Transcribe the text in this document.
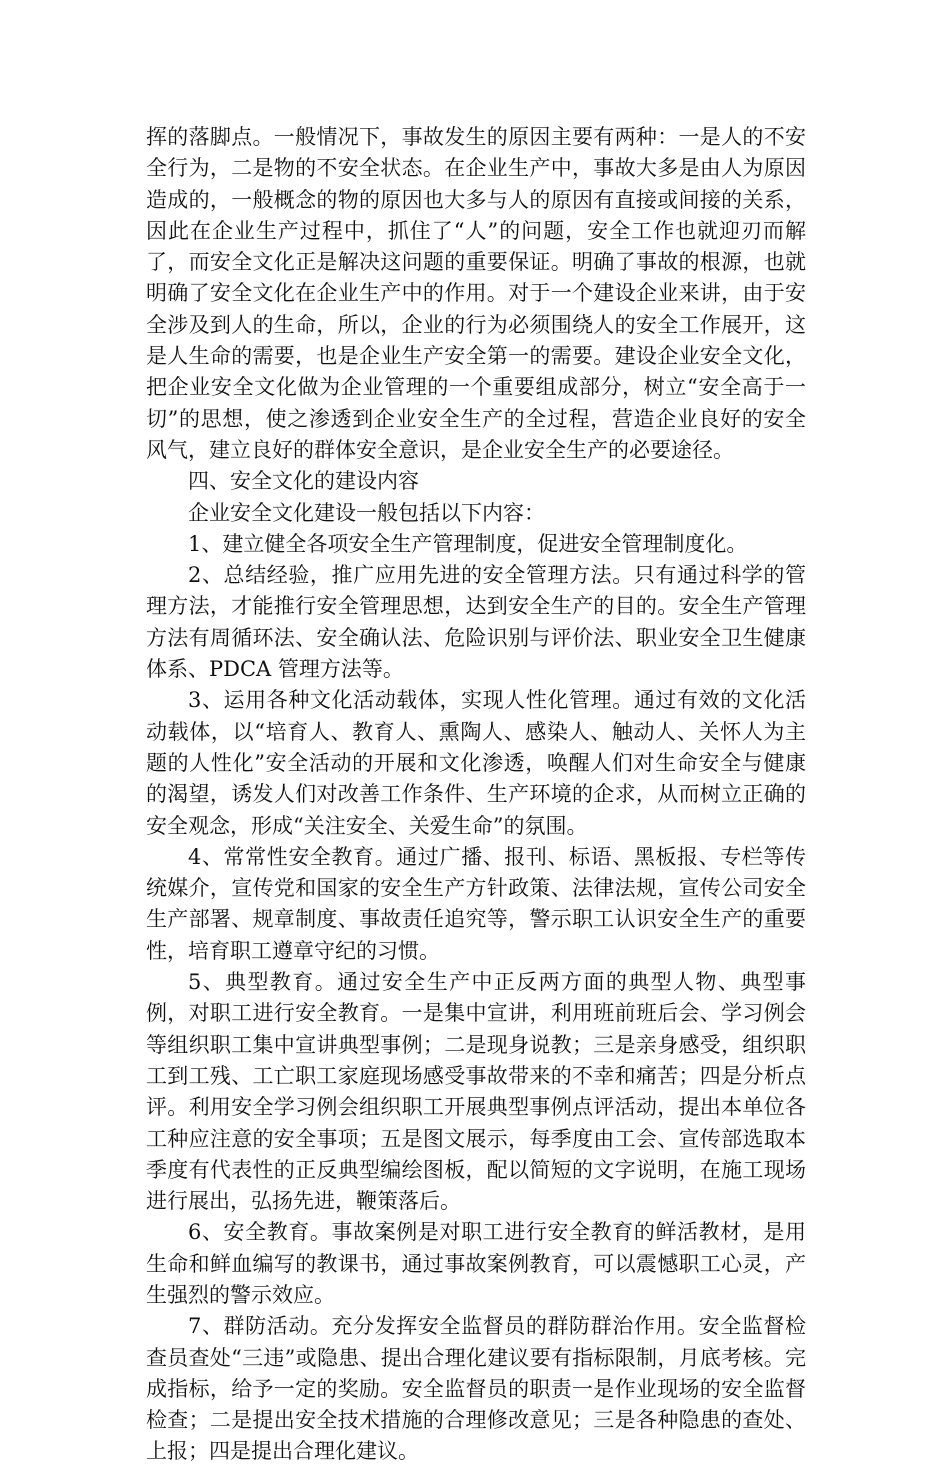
挥的落脚点。一般情况下，事故发生的原因主要有两种：一是人的不安全行为，二是物的不安全状态。在企业生产中，事故大多是由人为原因造成的，一般概念的物的原因也大多与人的原因有直接或间接的关系，因此在企业生产过程中，抓住了“人”的问题，安全工作也就迎刃而解了，而安全文化正是解决这问题的重要保证。明确了事故的根源，也就明确了安全文化在企业生产中的作用。对于一个建设企业来讲，由于安全涉及到人的生命，所以，企业的行为必须围绕人的安全工作展开，这是人生命的需要，也是企业生产安全第一的需要。建设企业安全文化，把企业安全文化做为企业管理的一个重要组成部分，树立“安全高于一切”的思想，使之渗透到企业安全生产的全过程，营造企业良好的安全风气，建立良好的群体安全意识，是企业安全生产的必要途径。

四、安全文化的建设内容

企业安全文化建设一般包括以下内容：

1、建立健全各项安全生产管理制度，促进安全管理制度化。

2、总结经验，推广应用先进的安全管理方法。只有通过科学的管理方法，才能推行安全管理思想，达到安全生产的目的。安全生产管理方法有周循环法、安全确认法、危险识别与评价法、职业安全卫生健康体系、PDCA 管理方法等。

3、运用各种文化活动载体，实现人性化管理。通过有效的文化活动载体，以“培育人、教育人、熏陶人、感染人、触动人、关怀人为主题的人性化”安全活动的开展和文化渗透，唤醒人们对生命安全与健康的渴望，诱发人们对改善工作条件、生产环境的企求，从而树立正确的安全观念，形成“关注安全、关爱生命”的氛围。

4、常常性安全教育。通过广播、报刊、标语、黑板报、专栏等传统媒介，宣传党和国家的安全生产方针政策、法律法规，宣传公司安全生产部署、规章制度、事故责任追究等，警示职工认识安全生产的重要性，培育职工遵章守纪的习惯。

5、典型教育。通过安全生产中正反两方面的典型人物、典型事例，对职工进行安全教育。一是集中宣讲，利用班前班后会、学习例会等组织职工集中宣讲典型事例；二是现身说教；三是亲身感受，组织职工到工残、工亡职工家庭现场感受事故带来的不幸和痛苦；四是分析点评。利用安全学习例会组织职工开展典型事例点评活动，提出本单位各工种应注意的安全事项；五是图文展示，每季度由工会、宣传部选取本季度有代表性的正反典型编绘图板，配以简短的文字说明，在施工现场进行展出，弘扬先进，鞭策落后。

6、安全教育。事故案例是对职工进行安全教育的鲜活教材，是用生命和鲜血编写的教课书，通过事故案例教育，可以震憾职工心灵，产生强烈的警示效应。

7、群防活动。充分发挥安全监督员的群防群治作用。安全监督检查员查处“三违”或隐患、提出合理化建议要有指标限制，月底考核。完成指标，给予一定的奖励。安全监督员的职责一是作业现场的安全监督检查；二是提出安全技术措施的合理修改意见；三是各种隐患的查处、上报；四是提出合理化建议。
